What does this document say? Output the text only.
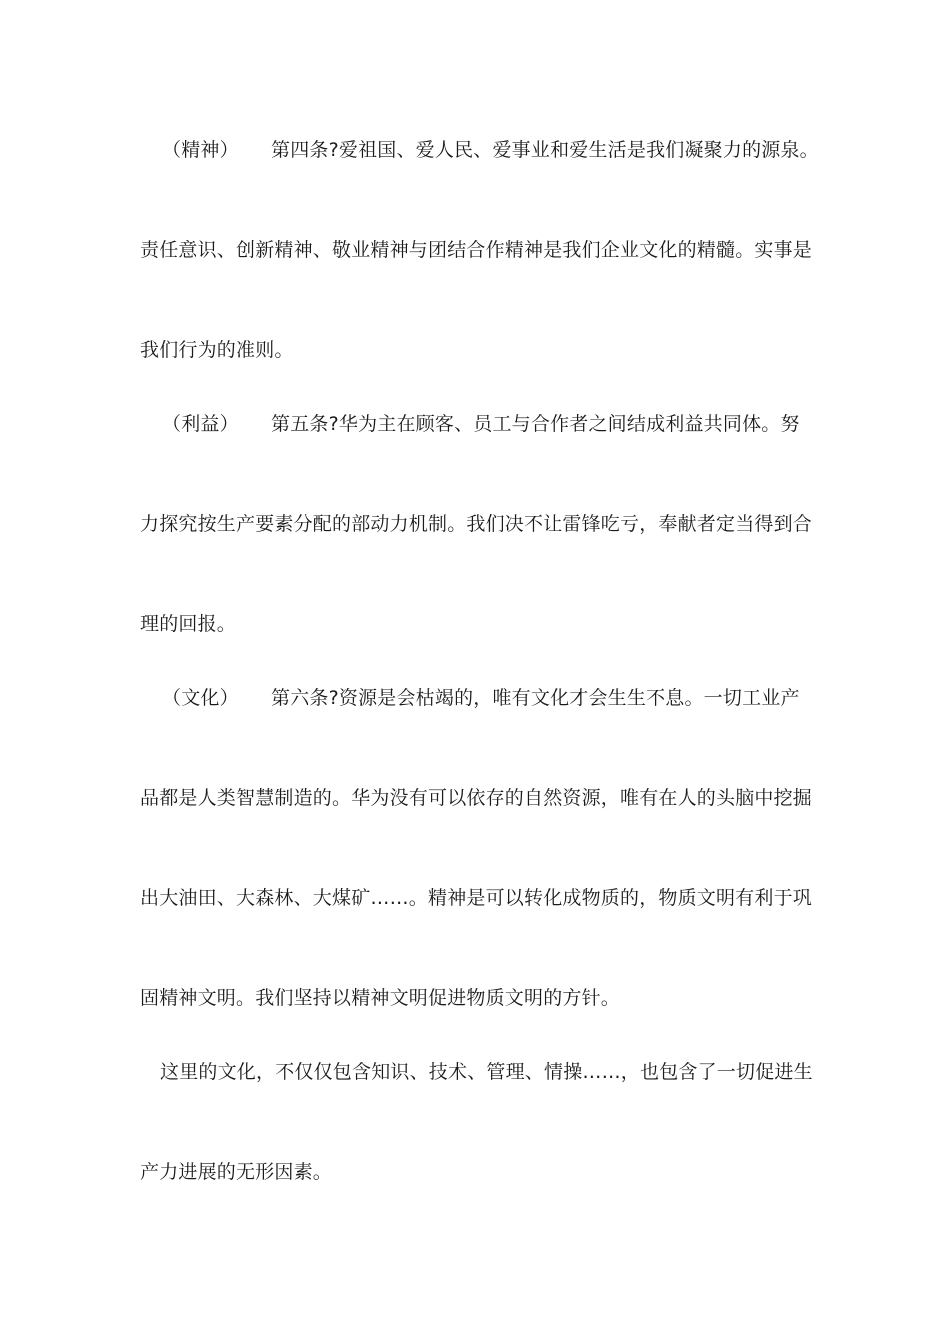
（精神） 第四条?爱祖国、爱人民、爱事业和爱生活是我们凝聚力的源泉。
责任意识、创新精神、敬业精神与团结合作精神是我们企业文化的精髓。实事是
我们行为的准则。
（利益） 第五条?华为主在顾客、员工与合作者之间结成利益共同体。努
力探究按生产要素分配的部动力机制。我们决不让雷锋吃亏，奉献者定当得到合
理的回报。
（文化） 第六条?资源是会枯竭的，唯有文化才会生生不息。一切工业产
品都是人类智慧制造的。华为没有可以依存的自然资源，唯有在人的头脑中挖掘
出大油田、大森林、大煤矿……。精神是可以转化成物质的，物质文明有利于巩
固精神文明。我们坚持以精神文明促进物质文明的方针。
这里的文化，不仅仅包含知识、技术、管理、情操……，也包含了一切促进生
产力进展的无形因素。
